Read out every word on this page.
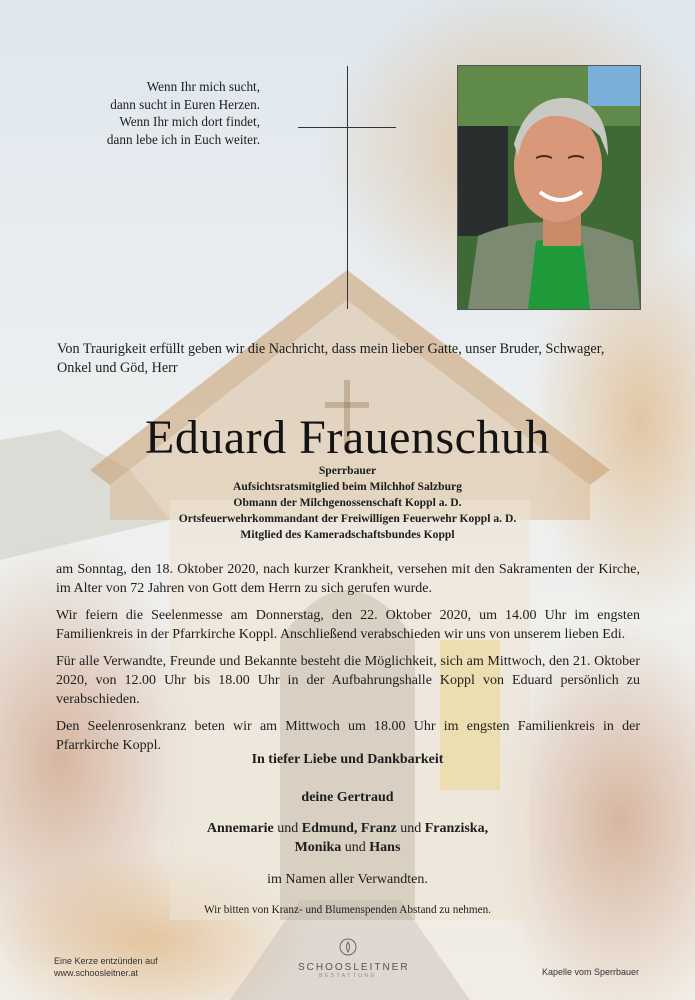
Wenn Ihr mich sucht,
dann sucht in Euren Herzen.
Wenn Ihr mich dort findet,
dann lebe ich in Euch weiter.
Von Traurigkeit erfüllt geben wir die Nachricht, dass mein lieber Gatte, unser Bruder, Schwager, Onkel und Göd, Herr
Eduard Frauenschuh
Sperrbauer
Aufsichtsratsmitglied beim Milchhof Salzburg
Obmann der Milchgenossenschaft Koppl a. D.
Ortsfeuerwehrkommandant der Freiwilligen Feuerwehr Koppl a. D.
Mitglied des Kameradschaftsbundes Koppl

am Sonntag, den 18. Oktober 2020, nach kurzer Krankheit, versehen mit den Sakramenten der Kirche, im Alter von 72 Jahren von Gott dem Herrn zu sich gerufen wurde.

Wir feiern die Seelenmesse am Donnerstag, den 22. Oktober 2020, um 14.00 Uhr im engsten Familienkreis in der Pfarrkirche Koppl. Anschließend verabschieden wir uns von unserem lieben Edi.

Für alle Verwandte, Freunde und Bekannte besteht die Möglichkeit, sich am Mittwoch, den 21. Oktober 2020, von 12.00 Uhr bis 18.00 Uhr in der Aufbahrungshalle Koppl von Eduard persönlich zu verabschieden.

Den Seelenrosenkranz beten wir am Mittwoch um 18.00 Uhr im engsten Familienkreis in der Pfarrkirche Koppl.

In tiefer Liebe und Dankbarkeit
deine Gertraud
Annemarie und Edmund, Franz und Franziska,
Monika und Hans
im Namen aller Verwandten.
Wir bitten von Kranz- und Blumenspenden Abstand zu nehmen.
Eine Kerze entzünden auf
www.schoosleitner.at	SCHOOSLEITNER
BESTATTUNG	Kapelle vom Sperrbauer
